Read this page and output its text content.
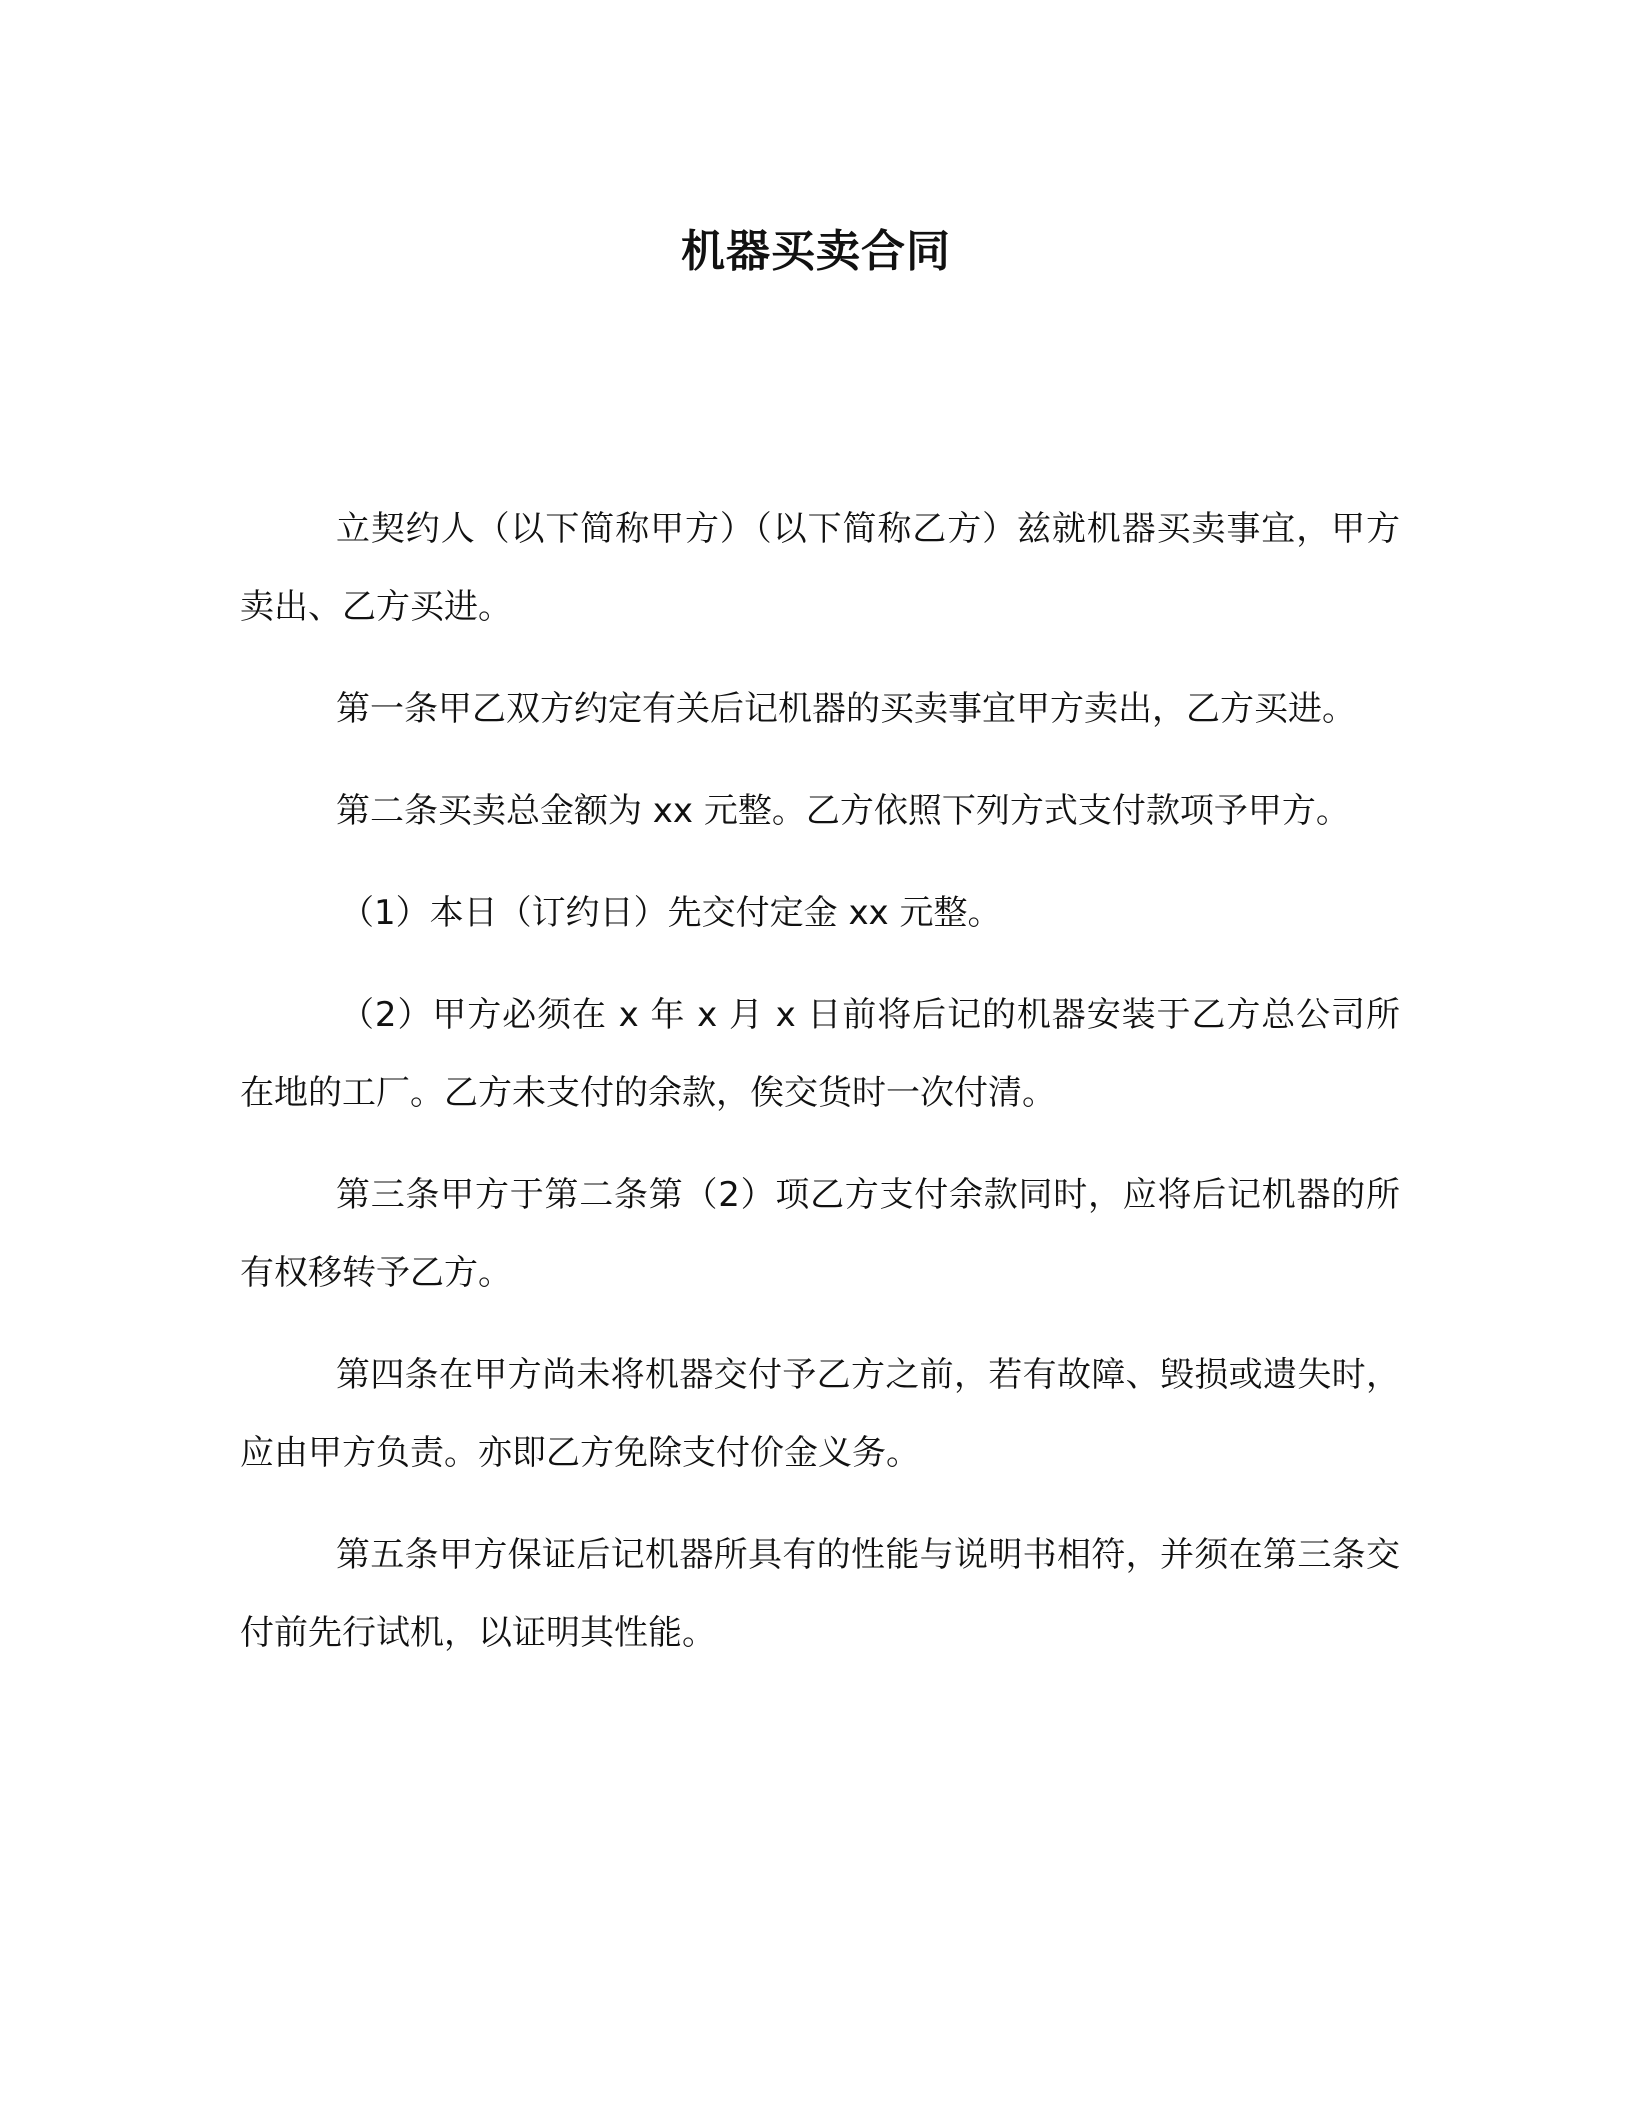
机器买卖合同

立契约人（以下简称甲方）（以下简称乙方）兹就机器买卖事宜，甲方卖出、乙方买进。

第一条甲乙双方约定有关后记机器的买卖事宜甲方卖出，乙方买进。

第二条买卖总金额为 xx 元整。乙方依照下列方式支付款项予甲方。

（1）本日（订约日）先交付定金 xx 元整。

（2）甲方必须在 x 年 x 月 x 日前将后记的机器安装于乙方总公司所在地的工厂。乙方未支付的余款，俟交货时一次付清。

第三条甲方于第二条第（2）项乙方支付余款同时，应将后记机器的所有权移转予乙方。

第四条在甲方尚未将机器交付予乙方之前，若有故障、毁损或遗失时，应由甲方负责。亦即乙方免除支付价金义务。

第五条甲方保证后记机器所具有的性能与说明书相符，并须在第三条交付前先行试机，以证明其性能。
